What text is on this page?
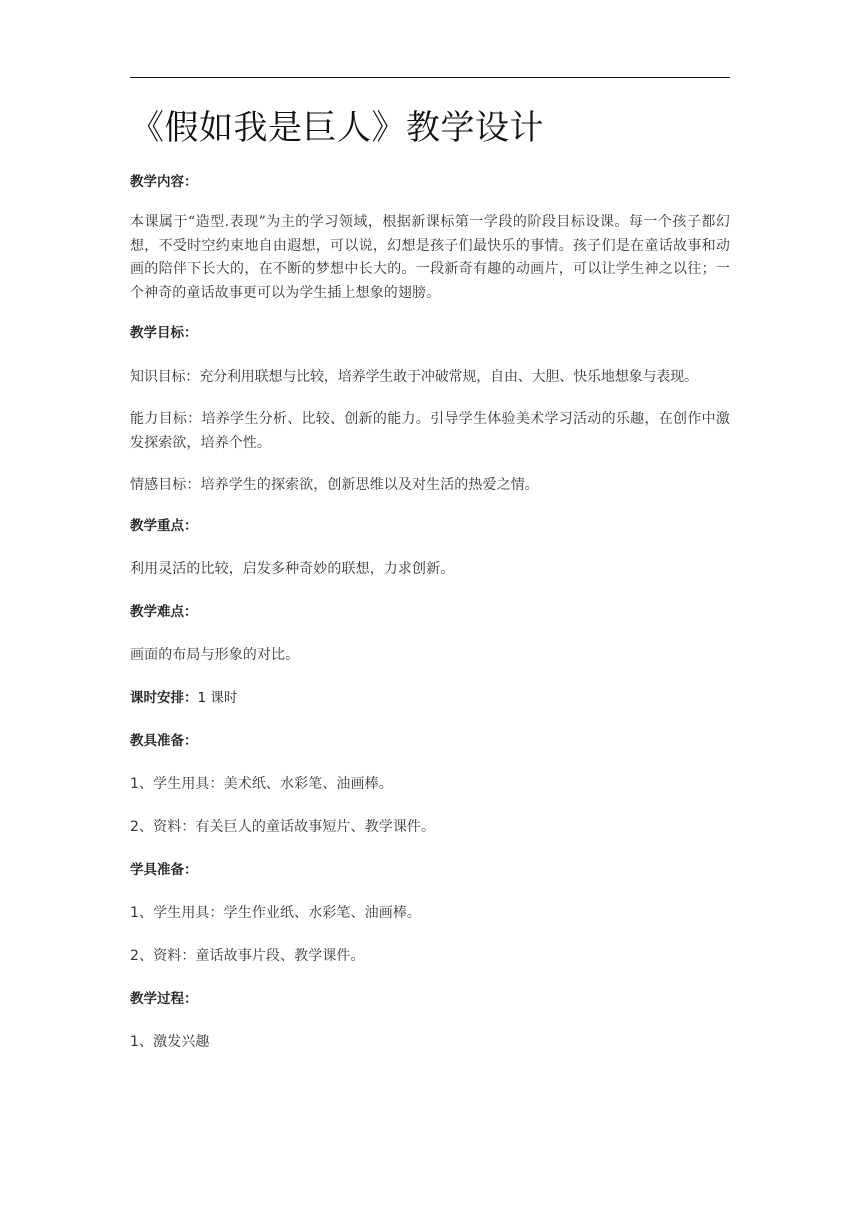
《假如我是巨人》教学设计

教学内容：

本课属于“造型.表现”为主的学习领域，根据新课标第一学段的阶段目标设课。每一个孩子都幻想，不受时空约束地自由遐想，可以说，幻想是孩子们最快乐的事情。孩子们是在童话故事和动画的陪伴下长大的，在不断的梦想中长大的。一段新奇有趣的动画片，可以让学生神之以往；一个神奇的童话故事更可以为学生插上想象的翅膀。

教学目标：

知识目标：充分利用联想与比较，培养学生敢于冲破常规，自由、大胆、快乐地想象与表现。

能力目标：培养学生分析、比较、创新的能力。引导学生体验美术学习活动的乐趣，在创作中激发探索欲，培养个性。

情感目标：培养学生的探索欲，创新思维以及对生活的热爱之情。

教学重点：

利用灵活的比较，启发多种奇妙的联想，力求创新。

教学难点：

画面的布局与形象的对比。

课时安排：1 课时

教具准备：

1、学生用具：美术纸、水彩笔、油画棒。

2、资料：有关巨人的童话故事短片、教学课件。

学具准备：

1、学生用具：学生作业纸、水彩笔、油画棒。

2、资料：童话故事片段、教学课件。

教学过程：

1、激发兴趣
